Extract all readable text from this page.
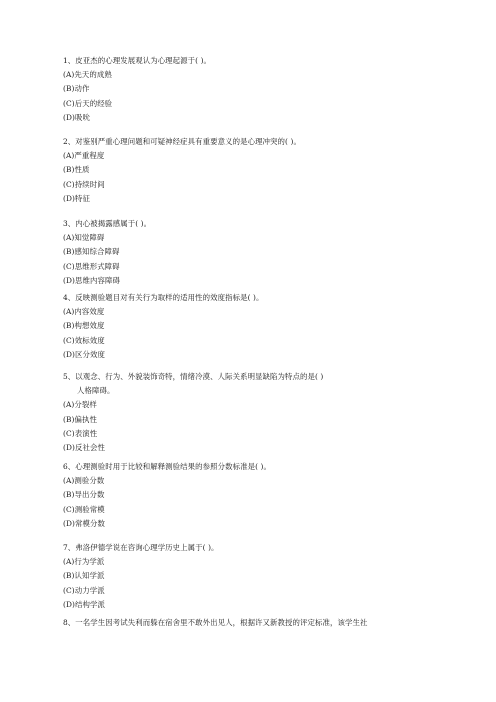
1、皮亚杰的心理发展观认为心理起源于( )。
(A)先天的成熟
(B)动作
(C)后天的经验
(D)吸吮
2、对鉴别严重心理问题和可疑神经症具有重要意义的是心理冲突的( )。
(A)严重程度
(B)性质
(C)持续时间
(D)特征
3、内心被揭露感属于( )。
(A)知觉障碍
(B)感知综合障碍
(C)思维形式障碍
(D)思维内容障碍
4、反映测验题目对有关行为取样的适用性的效度指标是( )。
(A)内容效度
(B)构想效度
(C)效标效度
(D)区分效度
5、以观念、行为、外貌装饰奇特，情绪冷漠、人际关系明显缺陷为特点的是( )
人格障碍。
(A)分裂样
(B)偏执性
(C)表演性
(D)反社会性
6、心理测验时用于比较和解释测验结果的参照分数标准是( )。
(A)测验分数
(B)导出分数
(C)测验常模
(D)常模分数
7、弗洛伊德学说在咨询心理学历史上属于( )。
(A)行为学派
(B)认知学派
(C)动力学派
(D)结构学派
8、一名学生因考试失利而躲在宿舍里不敢外出见人，根据许又新教授的评定标准，该学生社
